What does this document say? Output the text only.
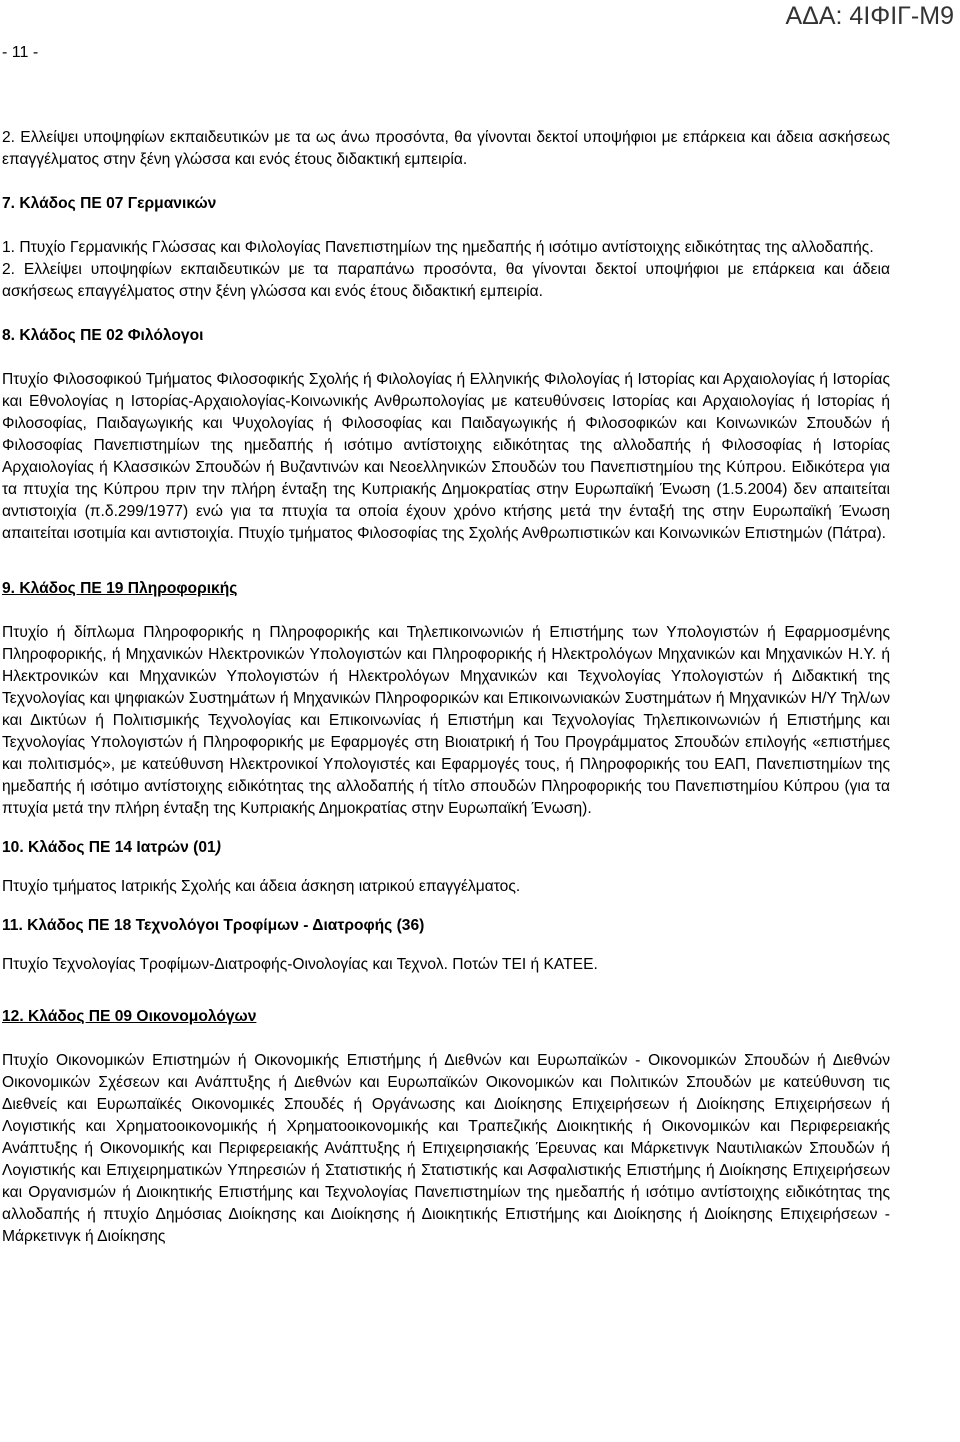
- 11 -
ΑΔΑ: 4ΙΦΙΓ-Μ9

2. Ελλείψει υποψηφίων εκπαιδευτικών με τα ως άνω προσόντα, θα γίνονται δεκτοί υποψήφιοι με επάρκεια και άδεια ασκήσεως επαγγέλματος στην ξένη γλώσσα και ενός έτους διδακτική εμπειρία.

7. Κλάδος ΠΕ 07 Γερμανικών

1. Πτυχίο Γερμανικής Γλώσσας και Φιλολογίας Πανεπιστημίων της ημεδαπής ή ισότιμο αντίστοιχης ειδικότητας της αλλοδαπής.

2. Ελλείψει υποψηφίων εκπαιδευτικών με τα παραπάνω προσόντα, θα γίνονται δεκτοί υποψήφιοι με επάρκεια και άδεια ασκήσεως επαγγέλματος στην ξένη γλώσσα και ενός έτους διδακτική εμπειρία.

8. Κλάδος ΠΕ 02 Φιλόλογοι

Πτυχίο Φιλοσοφικού Τμήματος Φιλοσοφικής Σχολής ή Φιλολογίας ή Ελληνικής Φιλολογίας ή Ιστορίας και Αρχαιολογίας ή Ιστορίας και Εθνολογίας η Ιστορίας-Αρχαιολογίας-Κοινωνικής Ανθρωπολογίας με κατευθύνσεις Ιστορίας και Αρχαιολογίας ή Ιστορίας ή Φιλοσοφίας, Παιδαγωγικής και Ψυχολογίας ή Φιλοσοφίας και Παιδαγωγικής ή Φιλοσοφικών και Κοινωνικών Σπουδών ή Φιλοσοφίας Πανεπιστημίων της ημεδαπής ή ισότιμο αντίστοιχης ειδικότητας της αλλοδαπής ή Φιλοσοφίας ή Ιστορίας Αρχαιολογίας ή Κλασσικών Σπουδών ή Βυζαντινών και Νεοελληνικών Σπουδών του Πανεπιστημίου της Κύπρου. Ειδικότερα για τα πτυχία της Κύπρου πριν την πλήρη ένταξη της Κυπριακής Δημοκρατίας στην Ευρωπαϊκή Ένωση (1.5.2004) δεν απαιτείται αντιστοιχία (π.δ.299/1977) ενώ για τα πτυχία τα οποία έχουν χρόνο κτήσης μετά την ένταξή της στην Ευρωπαϊκή Ένωση απαιτείται ισοτιμία και αντιστοιχία. Πτυχίο τμήματος Φιλοσοφίας της Σχολής Ανθρωπιστικών και Κοινωνικών Επιστημών (Πάτρα).

9. Κλάδος ΠΕ 19 Πληροφορικής

Πτυχίο ή δίπλωμα Πληροφορικής η Πληροφορικής και Τηλεπικοινωνιών ή Επιστήμης των Υπολογιστών ή Εφαρμοσμένης Πληροφορικής, ή Μηχανικών Ηλεκτρονικών Υπολογιστών και Πληροφορικής ή Ηλεκτρολόγων Μηχανικών και Μηχανικών Η.Υ. ή Ηλεκτρονικών και Μηχανικών Υπολογιστών ή Ηλεκτρολόγων Μηχανικών και Τεχνολογίας Υπολογιστών ή Διδακτική της Τεχνολογίας και ψηφιακών Συστημάτων ή Μηχανικών Πληροφορικών και Επικοινωνιακών Συστημάτων ή Μηχανικών Η/Υ Τηλ/ων και Δικτύων ή Πολιτισμικής Τεχνολογίας και Επικοινωνίας ή Επιστήμη και Τεχνολογίας Τηλεπικοινωνιών ή Επιστήμης και Τεχνολογίας Υπολογιστών ή Πληροφορικής με Εφαρμογές στη Βιοιατρική ή Του Προγράμματος Σπουδών επιλογής «επιστήμες και πολιτισμός», με κατεύθυνση Ηλεκτρονικοί Υπολογιστές και Εφαρμογές τους, ή Πληροφορικής του ΕΑΠ, Πανεπιστημίων της ημεδαπής ή ισότιμο αντίστοιχης ειδικότητας της αλλοδαπής ή τίτλο σπουδών Πληροφορικής του Πανεπιστημίου Κύπρου (για τα πτυχία μετά την πλήρη ένταξη της Κυπριακής Δημοκρατίας στην Ευρωπαϊκή Ένωση).

10. Κλάδος ΠΕ 14 Ιατρών (01)

Πτυχίο τμήματος Ιατρικής Σχολής και άδεια άσκηση ιατρικού επαγγέλματος.

11. Κλάδος ΠΕ 18 Τεχνολόγοι Τροφίμων - Διατροφής (36)

Πτυχίο Τεχνολογίας Τροφίμων-Διατροφής-Οινολογίας και Τεχνολ. Ποτών ΤΕΙ ή ΚΑΤΕΕ.

12. Κλάδος ΠΕ 09 Οικονομολόγων

Πτυχίο Οικονομικών Επιστημών ή Οικονομικής Επιστήμης ή Διεθνών και Ευρωπαϊκών - Οικονομικών Σπουδών ή Διεθνών Οικονομικών Σχέσεων και Ανάπτυξης ή Διεθνών και Ευρωπαϊκών Οικονομικών και Πολιτικών Σπουδών με κατεύθυνση τις Διεθνείς και Ευρωπαϊκές Οικονομικές Σπουδές ή Οργάνωσης και Διοίκησης Επιχειρήσεων ή Διοίκησης Επιχειρήσεων ή Λογιστικής και Χρηματοοικονομικής ή Χρηματοοικονομικής και Τραπεζικής Διοικητικής ή Οικονομικών και Περιφερειακής Ανάπτυξης ή Οικονομικής και Περιφερειακής Ανάπτυξης ή Επιχειρησιακής Έρευνας και Μάρκετινγκ Ναυτιλιακών Σπουδών ή Λογιστικής και Επιχειρηματικών Υπηρεσιών ή Στατιστικής ή Στατιστικής και Ασφαλιστικής Επιστήμης ή Διοίκησης Επιχειρήσεων και Οργανισμών ή Διοικητικής Επιστήμης και Τεχνολογίας Πανεπιστημίων της ημεδαπής ή ισότιμο αντίστοιχης ειδικότητας της αλλοδαπής ή πτυχίο Δημόσιας Διοίκησης και Διοίκησης ή Διοικητικής Επιστήμης και Διοίκησης ή Διοίκησης Επιχειρήσεων - Μάρκετινγκ ή Διοίκησης
